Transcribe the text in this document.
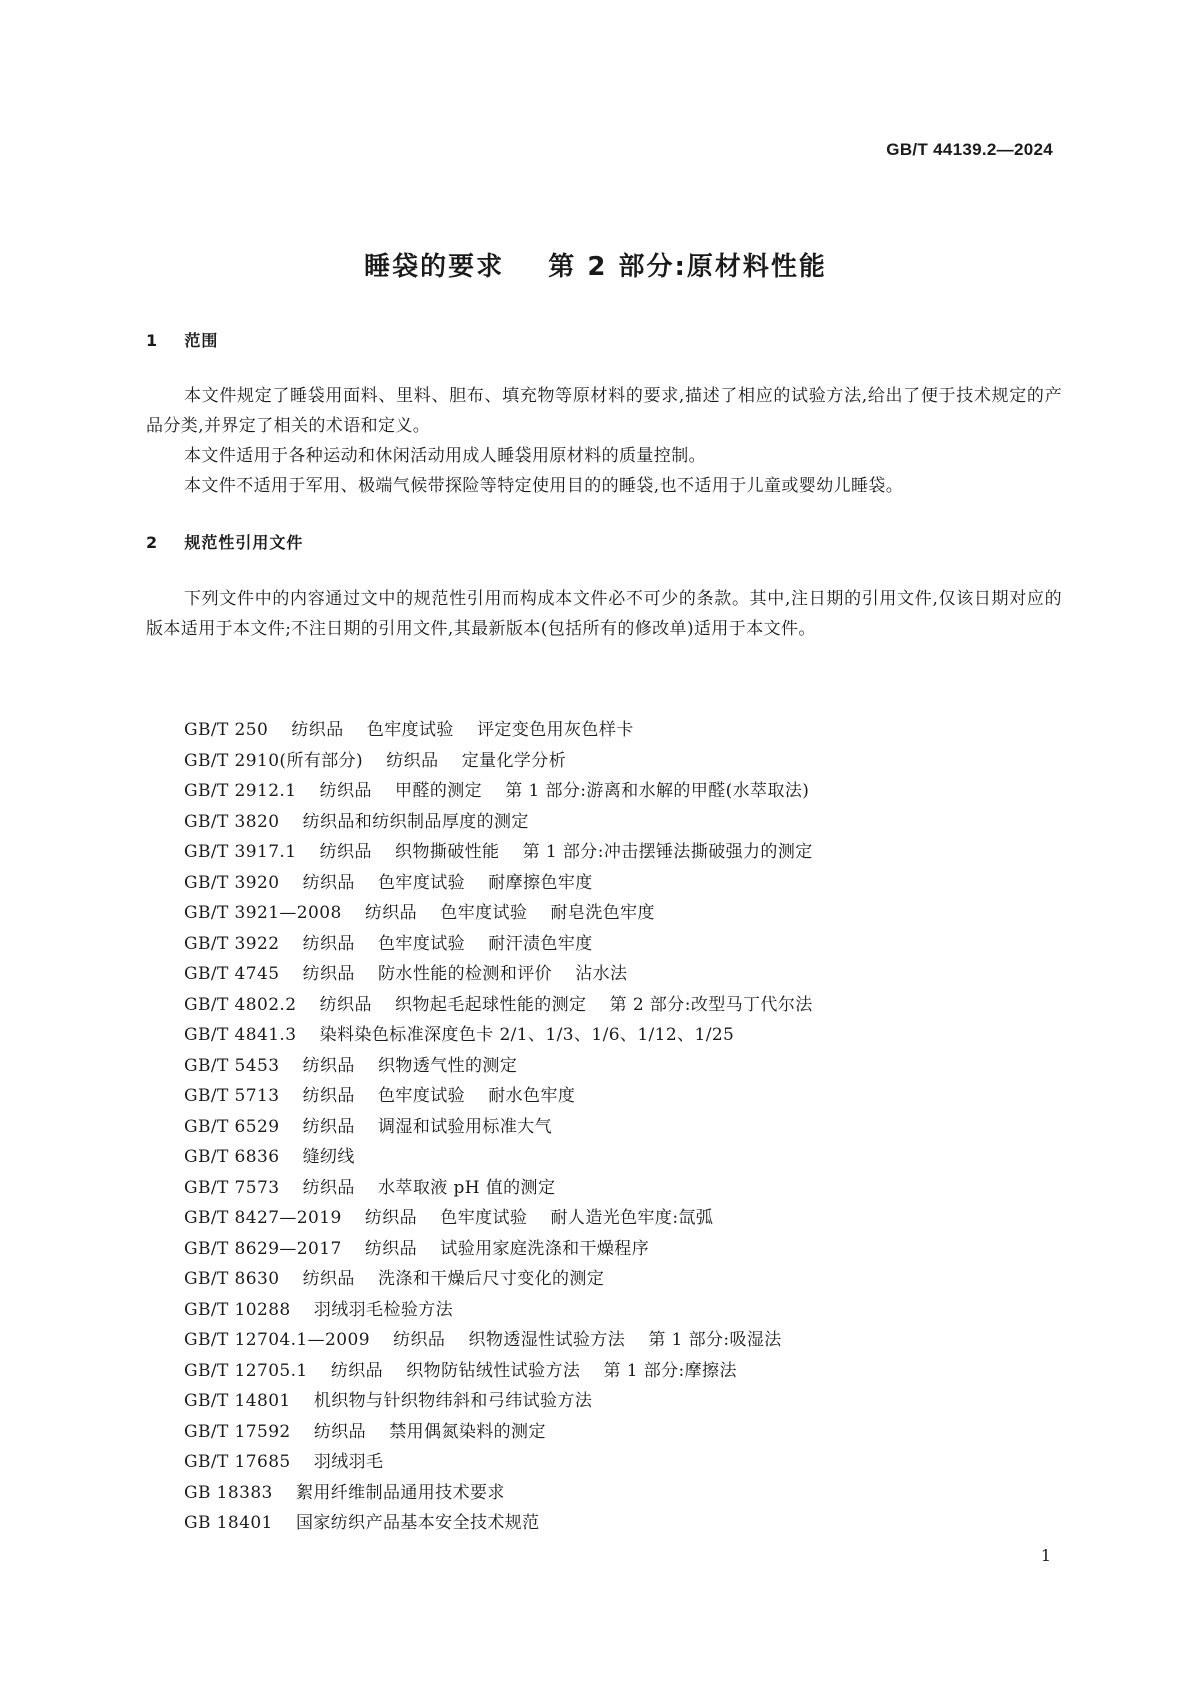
GB/T 44139.2—2024
睡袋的要求    第 2 部分:原材料性能
1    范围

本文件规定了睡袋用面料、里料、胆布、填充物等原材料的要求,描述了相应的试验方法,给出了便于技术规定的产品分类,并界定了相关的术语和定义。

本文件适用于各种运动和休闲活动用成人睡袋用原材料的质量控制。

本文件不适用于军用、极端气候带探险等特定使用目的的睡袋,也不适用于儿童或婴幼儿睡袋。

2    规范性引用文件

下列文件中的内容通过文中的规范性引用而构成本文件必不可少的条款。其中,注日期的引用文件,仅该日期对应的版本适用于本文件;不注日期的引用文件,其最新版本(包括所有的修改单)适用于本文件。

GB/T 250    纺织品    色牢度试验    评定变色用灰色样卡
GB/T 2910(所有部分)    纺织品    定量化学分析
GB/T 2912.1    纺织品    甲醛的测定    第 1 部分:游离和水解的甲醛(水萃取法)
GB/T 3820    纺织品和纺织制品厚度的测定
GB/T 3917.1    纺织品    织物撕破性能    第 1 部分:冲击摆锤法撕破强力的测定
GB/T 3920    纺织品    色牢度试验    耐摩擦色牢度
GB/T 3921—2008    纺织品    色牢度试验    耐皂洗色牢度
GB/T 3922    纺织品    色牢度试验    耐汗渍色牢度
GB/T 4745    纺织品    防水性能的检测和评价    沾水法
GB/T 4802.2    纺织品    织物起毛起球性能的测定    第 2 部分:改型马丁代尔法
GB/T 4841.3    染料染色标准深度色卡 2/1、1/3、1/6、1/12、1/25
GB/T 5453    纺织品    织物透气性的测定
GB/T 5713    纺织品    色牢度试验    耐水色牢度
GB/T 6529    纺织品    调湿和试验用标准大气
GB/T 6836    缝纫线
GB/T 7573    纺织品    水萃取液 pH 值的测定
GB/T 8427—2019    纺织品    色牢度试验    耐人造光色牢度:氙弧
GB/T 8629—2017    纺织品    试验用家庭洗涤和干燥程序
GB/T 8630    纺织品    洗涤和干燥后尺寸变化的测定
GB/T 10288    羽绒羽毛检验方法
GB/T 12704.1—2009    纺织品    织物透湿性试验方法    第 1 部分:吸湿法
GB/T 12705.1    纺织品    织物防钻绒性试验方法    第 1 部分:摩擦法
GB/T 14801    机织物与针织物纬斜和弓纬试验方法
GB/T 17592    纺织品    禁用偶氮染料的测定
GB/T 17685    羽绒羽毛
GB 18383    絮用纤维制品通用技术要求
GB 18401    国家纺织产品基本安全技术规范
1
